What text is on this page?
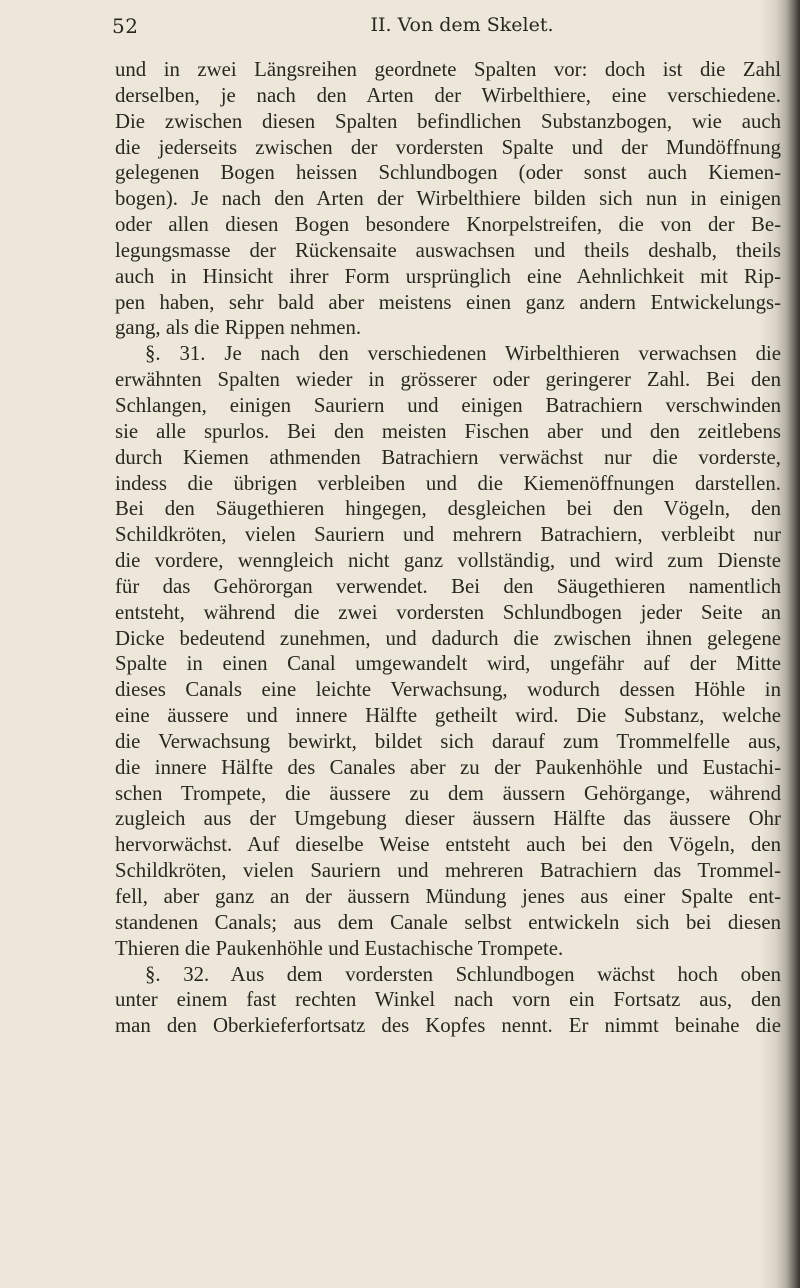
52	II. Von dem Skelet.
und in zwei Längsreihen geordnete Spalten vor: doch ist die Zahl
derselben, je nach den Arten der Wirbelthiere, eine verschiedene.
Die zwischen diesen Spalten befindlichen Substanzbogen, wie auch
die jederseits zwischen der vordersten Spalte und der Mundöffnung
gelegenen Bogen heissen Schlundbogen (oder sonst auch Kiemen-
bogen). Je nach den Arten der Wirbelthiere bilden sich nun in einigen
oder allen diesen Bogen besondere Knorpelstreifen, die von der Be-
legungsmasse der Rückensaite auswachsen und theils deshalb, theils
auch in Hinsicht ihrer Form ursprünglich eine Aehnlichkeit mit Rip-
pen haben, sehr bald aber meistens einen ganz andern Entwickelungs-
gang, als die Rippen nehmen.
§. 31. Je nach den verschiedenen Wirbelthieren verwachsen die
erwähnten Spalten wieder in grösserer oder geringerer Zahl. Bei den
Schlangen, einigen Sauriern und einigen Batrachiern verschwinden
sie alle spurlos. Bei den meisten Fischen aber und den zeitlebens
durch Kiemen athmenden Batrachiern verwächst nur die vorderste,
indess die übrigen verbleiben und die Kiemenöffnungen darstellen.
Bei den Säugethieren hingegen, desgleichen bei den Vögeln, den
Schildkröten, vielen Sauriern und mehrern Batrachiern, verbleibt nur
die vordere, wenngleich nicht ganz vollständig, und wird zum Dienste
für das Gehörorgan verwendet. Bei den Säugethieren namentlich
entsteht, während die zwei vordersten Schlundbogen jeder Seite an
Dicke bedeutend zunehmen, und dadurch die zwischen ihnen gelegene
Spalte in einen Canal umgewandelt wird, ungefähr auf der Mitte
dieses Canals eine leichte Verwachsung, wodurch dessen Höhle in
eine äussere und innere Hälfte getheilt wird. Die Substanz, welche
die Verwachsung bewirkt, bildet sich darauf zum Trommelfelle aus,
die innere Hälfte des Canales aber zu der Paukenhöhle und Eustachi-
schen Trompete, die äussere zu dem äussern Gehörgange, während
zugleich aus der Umgebung dieser äussern Hälfte das äussere Ohr
hervorwächst. Auf dieselbe Weise entsteht auch bei den Vögeln, den
Schildkröten, vielen Sauriern und mehreren Batrachiern das Trommel-
fell, aber ganz an der äussern Mündung jenes aus einer Spalte ent-
standenen Canals; aus dem Canale selbst entwickeln sich bei diesen
Thieren die Paukenhöhle und Eustachische Trompete.
§. 32. Aus dem vordersten Schlundbogen wächst hoch oben
unter einem fast rechten Winkel nach vorn ein Fortsatz aus, den
man den Oberkieferfortsatz des Kopfes nennt. Er nimmt beinahe die
